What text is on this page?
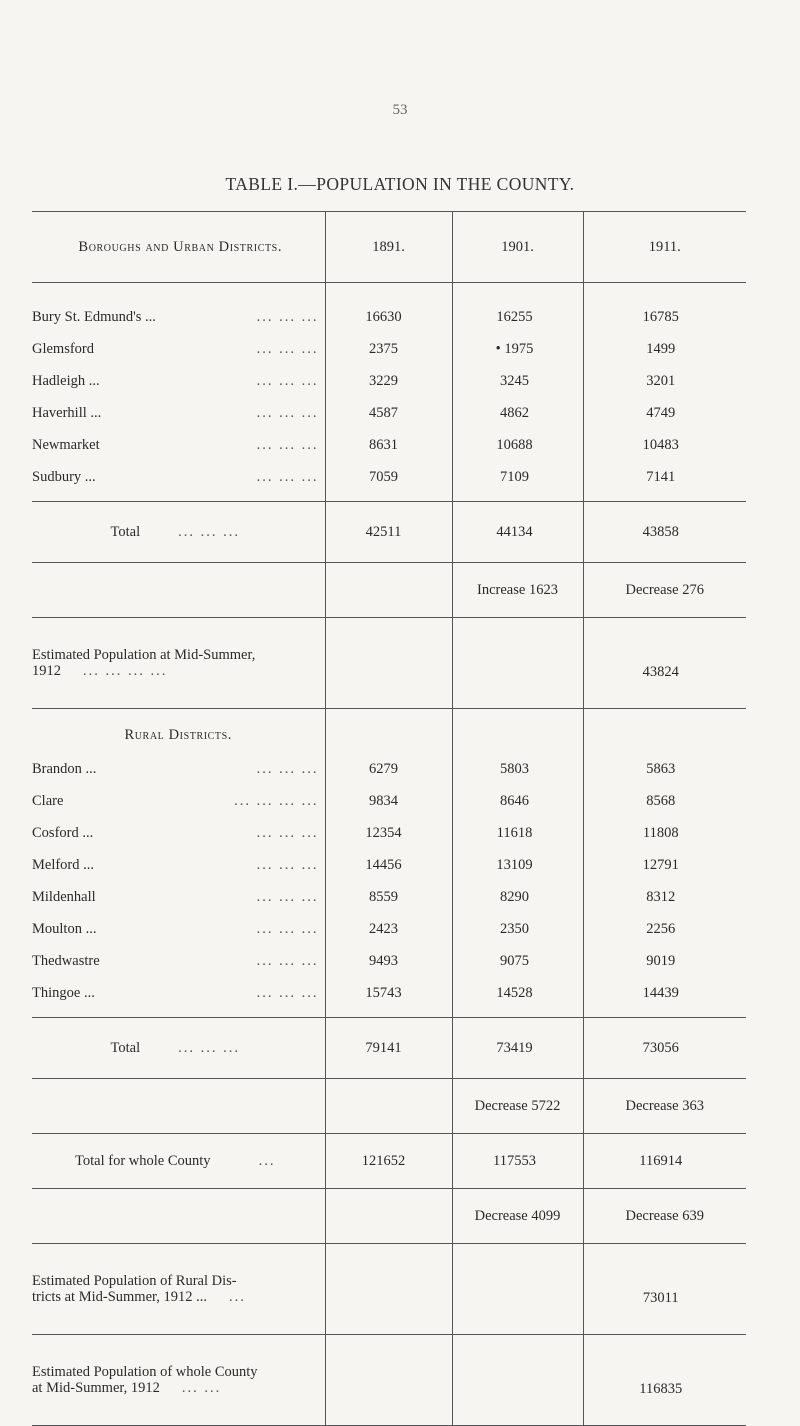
53
TABLE I.—POPULATION IN THE COUNTY.
Boroughs and Urban Districts.	1891.	1901.	1911.

Bury St. Edmund's ... ... ... ...	16630	16255	16785

Glemsford ... ... ...	2375	• 1975	1499

Hadleigh ... ... ... ...	3229	3245	3201

Haverhill ... ... ... ...	4587	4862	4749

Newmarket ... ... ...	8631	10688	10483

Sudbury ... ... ... ...	7059	7109	7141

Total ... ... ...	42511	44134	43858
		Increase 1623	Decrease 276

Estimated Population at Mid-Summer,
1912 ... ... ... ...			43824
Rural Districts.			

Brandon ... ... ... ...	6279	5803	5863

Clare ... ... ... ...	9834	8646	8568

Cosford ... ... ... ...	12354	11618	11808

Melford ... ... ... ...	14456	13109	12791

Mildenhall ... ... ...	8559	8290	8312

Moulton ... ... ... ...	2423	2350	2256

Thedwastre ... ... ...	9493	9075	9019

Thingoe ... ... ... ...	15743	14528	14439

Total ... ... ...	79141	73419	73056
		Decrease 5722	Decrease 363

Total for whole County ...	121652	117553	116914
		Decrease 4099	Decrease 639

Estimated Population of Rural Dis-
tricts at Mid-Summer, 1912 ... ...			73011

Estimated Population of whole County
at Mid-Summer, 1912 ... ...			116835
